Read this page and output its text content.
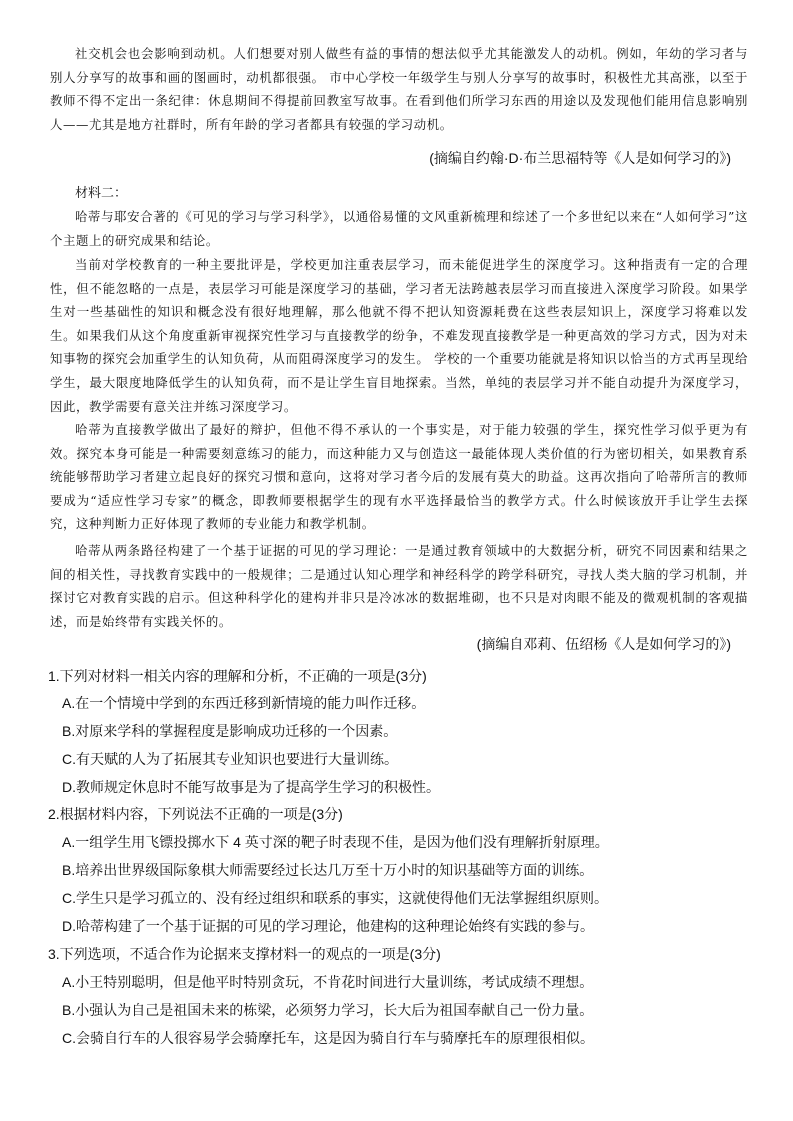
社交机会也会影响到动机。人们想要对别人做些有益的事情的想法似乎尤其能激发人的动机。例如，年幼的学习者与别人分享写的故事和画的图画时，动机都很强。 市中心学校一年级学生与别人分享写的故事时，积极性尤其高涨，以至于教师不得不定出一条纪律：休息期间不得提前回教室写故事。在看到他们所学习东西的用途以及发现他们能用信息影响别人——尤其是地方社群时，所有年龄的学习者都具有较强的学习动机。

(摘编自约翰·D·布兰思福特等《人是如何学习的》)

材料二：

哈蒂与耶安合著的《可见的学习与学习科学》，以通俗易懂的文风重新梳理和综述了一个多世纪以来在“人如何学习”这个主题上的研究成果和结论。

当前对学校教育的一种主要批评是，学校更加注重表层学习，而未能促进学生的深度学习。这种指责有一定的合理性，但不能忽略的一点是，表层学习可能是深度学习的基础，学习者无法跨越表层学习而直接进入深度学习阶段。如果学生对一些基础性的知识和概念没有很好地理解，那么他就不得不把认知资源耗费在这些表层知识上，深度学习将难以发生。如果我们从这个角度重新审视探究性学习与直接教学的纷争，不难发现直接教学是一种更高效的学习方式，因为对未知事物的探究会加重学生的认知负荷，从而阻碍深度学习的发生。 学校的一个重要功能就是将知识以恰当的方式再呈现给学生，最大限度地降低学生的认知负荷，而不是让学生盲目地探索。当然，单纯的表层学习并不能自动提升为深度学习，因此，教学需要有意关注并练习深度学习。

哈蒂为直接教学做出了最好的辩护，但他不得不承认的一个事实是，对于能力较强的学生，探究性学习似乎更为有效。探究本身可能是一种需要刻意练习的能力，而这种能力又与创造这一最能体现人类价值的行为密切相关，如果教育系统能够帮助学习者建立起良好的探究习惯和意向，这将对学习者今后的发展有莫大的助益。这再次指向了哈蒂所言的教师要成为“适应性学习专家”的概念，即教师要根据学生的现有水平选择最恰当的教学方式。什么时候该放开手让学生去探究，这种判断力正好体现了教师的专业能力和教学机制。

哈蒂从两条路径构建了一个基于证据的可见的学习理论：一是通过教育领域中的大数据分析，研究不同因素和结果之间的相关性，寻找教育实践中的一般规律；二是通过认知心理学和神经科学的跨学科研究，寻找人类大脑的学习机制，并探讨它对教育实践的启示。但这种科学化的建构并非只是冷冰冰的数据堆砌，也不只是对肉眼不能及的微观机制的客观描述，而是始终带有实践关怀的。

(摘编自邓莉、伍绍杨《人是如何学习的》)

1.下列对材料一相关内容的理解和分析，不正确的一项是(3分)

A.在一个情境中学到的东西迁移到新情境的能力叫作迁移。

B.对原来学科的掌握程度是影响成功迁移的一个因素。

C.有天赋的人为了拓展其专业知识也要进行大量训练。

D.教师规定休息时不能写故事是为了提高学生学习的积极性。

2.根据材料内容，下列说法不正确的一项是(3分)

A.一组学生用飞镖投掷水下 4 英寸深的靶子时表现不佳，是因为他们没有理解折射原理。

B.培养出世界级国际象棋大师需要经过长达几万至十万小时的知识基础等方面的训练。

C.学生只是学习孤立的、没有经过组织和联系的事实，这就使得他们无法掌握组织原则。

D.哈蒂构建了一个基于证据的可见的学习理论，他建构的这种理论始终有实践的参与。

3.下列选项，不适合作为论据来支撑材料一的观点的一项是(3分)

A.小王特别聪明，但是他平时特别贪玩，不肯花时间进行大量训练，考试成绩不理想。

B.小强认为自己是祖国未来的栋梁，必须努力学习，长大后为祖国奉献自己一份力量。

C.会骑自行车的人很容易学会骑摩托车，这是因为骑自行车与骑摩托车的原理很相似。
